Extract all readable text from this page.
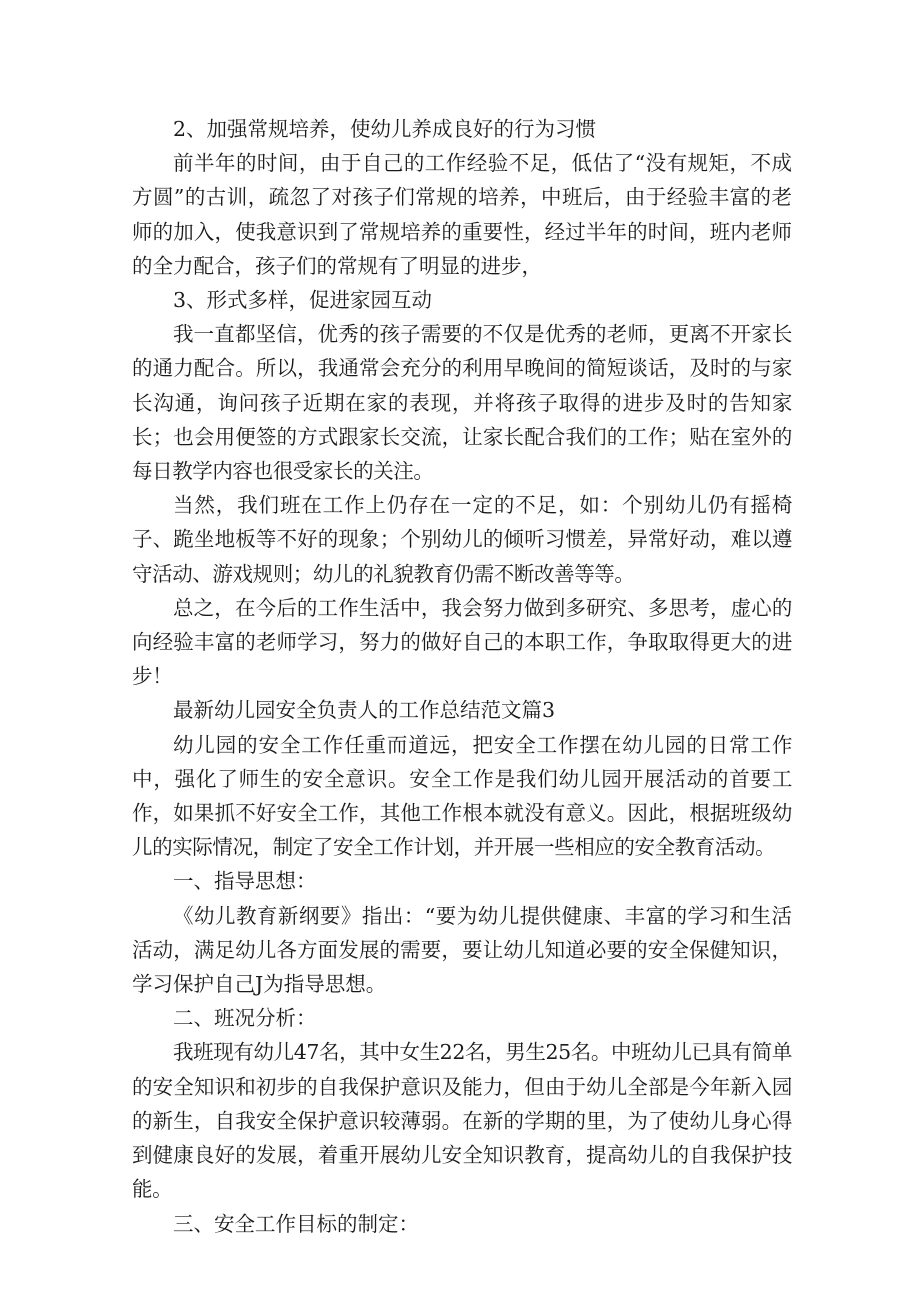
2、加强常规培养，使幼儿养成良好的行为习惯

前半年的时间，由于自己的工作经验不足，低估了“没有规矩，不成方圆”的古训，疏忽了对孩子们常规的培养，中班后，由于经验丰富的老师的加入，使我意识到了常规培养的重要性，经过半年的时间，班内老师的全力配合，孩子们的常规有了明显的进步，

3、形式多样，促进家园互动

我一直都坚信，优秀的孩子需要的不仅是优秀的老师，更离不开家长的通力配合。所以，我通常会充分的利用早晚间的简短谈话，及时的与家长沟通，询问孩子近期在家的表现，并将孩子取得的进步及时的告知家长；也会用便签的方式跟家长交流，让家长配合我们的工作；贴在室外的每日教学内容也很受家长的关注。

当然，我们班在工作上仍存在一定的不足，如：个别幼儿仍有摇椅子、跪坐地板等不好的现象；个别幼儿的倾听习惯差，异常好动，难以遵守活动、游戏规则；幼儿的礼貌教育仍需不断改善等等。

总之，在今后的工作生活中，我会努力做到多研究、多思考，虚心的向经验丰富的老师学习，努力的做好自己的本职工作，争取取得更大的进步！

最新幼儿园安全负责人的工作总结范文篇3

幼儿园的安全工作任重而道远，把安全工作摆在幼儿园的日常工作中，强化了师生的安全意识。安全工作是我们幼儿园开展活动的首要工作，如果抓不好安全工作，其他工作根本就没有意义。因此，根据班级幼儿的实际情况，制定了安全工作计划，并开展一些相应的安全教育活动。

一、指导思想：

《幼儿教育新纲要》指出：“要为幼儿提供健康、丰富的学习和生活活动，满足幼儿各方面发展的需要，要让幼儿知道必要的安全保健知识，学习保护自己J为指导思想。

二、班况分析：

我班现有幼儿47名，其中女生22名，男生25名。中班幼儿已具有简单的安全知识和初步的自我保护意识及能力，但由于幼儿全部是今年新入园的新生，自我安全保护意识较薄弱。在新的学期的里，为了使幼儿身心得到健康良好的发展，着重开展幼儿安全知识教育，提高幼儿的自我保护技能。

三、安全工作目标的制定：
